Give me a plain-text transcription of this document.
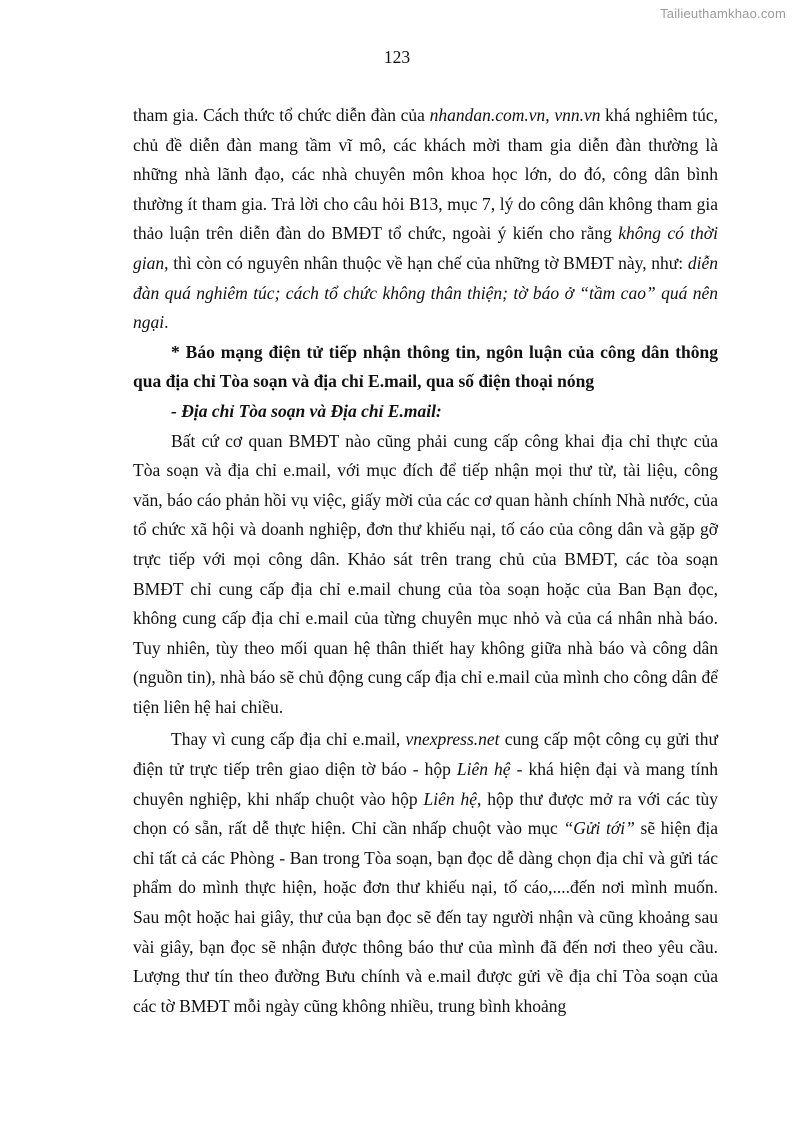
Tailieuthamkhao.com
123

tham gia. Cách thức tổ chức diễn đàn của nhandan.com.vn, vnn.vn khá nghiêm túc, chủ đề diễn đàn mang tầm vĩ mô, các khách mời tham gia diễn đàn thường là những nhà lãnh đạo, các nhà chuyên môn khoa học lớn, do đó, công dân bình thường ít tham gia. Trả lời cho câu hỏi B13, mục 7, lý do công dân không tham gia thảo luận trên diễn đàn do BMĐT tổ chức, ngoài ý kiến cho rằng không có thời gian, thì còn có nguyên nhân thuộc về hạn chế của những tờ BMĐT này, như: diễn đàn quá nghiêm túc; cách tổ chức không thân thiện; tờ báo ở “tầm cao” quá nên ngại.

* Báo mạng điện tử tiếp nhận thông tin, ngôn luận của công dân thông qua địa chỉ Tòa soạn và địa chỉ E.mail, qua số điện thoại nóng

- Địa chỉ Tòa soạn và Địa chỉ E.mail:

Bất cứ cơ quan BMĐT nào cũng phải cung cấp công khai địa chỉ thực của Tòa soạn và địa chỉ e.mail, với mục đích để tiếp nhận mọi thư từ, tài liệu, công văn, báo cáo phản hồi vụ việc, giấy mời của các cơ quan hành chính Nhà nước, của tổ chức xã hội và doanh nghiệp, đơn thư khiếu nại, tố cáo của công dân và gặp gỡ trực tiếp với mọi công dân. Khảo sát trên trang chủ của BMĐT, các tòa soạn BMĐT chỉ cung cấp địa chỉ e.mail chung của tòa soạn hoặc của Ban Bạn đọc, không cung cấp địa chỉ e.mail của từng chuyên mục nhỏ và của cá nhân nhà báo. Tuy nhiên, tùy theo mối quan hệ thân thiết hay không giữa nhà báo và công dân (nguồn tin), nhà báo sẽ chủ động cung cấp địa chỉ e.mail của mình cho công dân để tiện liên hệ hai chiều.

Thay vì cung cấp địa chỉ e.mail, vnexpress.net cung cấp một công cụ gửi thư điện tử trực tiếp trên giao diện tờ báo - hộp Liên hệ - khá hiện đại và mang tính chuyên nghiệp, khi nhấp chuột vào hộp Liên hệ, hộp thư được mở ra với các tùy chọn có sẵn, rất dễ thực hiện. Chỉ cần nhấp chuột vào mục “Gửi tới” sẽ hiện địa chỉ tất cả các Phòng - Ban trong Tòa soạn, bạn đọc dễ dàng chọn địa chỉ và gửi tác phẩm do mình thực hiện, hoặc đơn thư khiếu nại, tố cáo,....đến nơi mình muốn. Sau một hoặc hai giây, thư của bạn đọc sẽ đến tay người nhận và cũng khoảng sau vài giây, bạn đọc sẽ nhận được thông báo thư của mình đã đến nơi theo yêu cầu. Lượng thư tín theo đường Bưu chính và e.mail được gửi về địa chỉ Tòa soạn của các tờ BMĐT mỗi ngày cũng không nhiều, trung bình khoảng
